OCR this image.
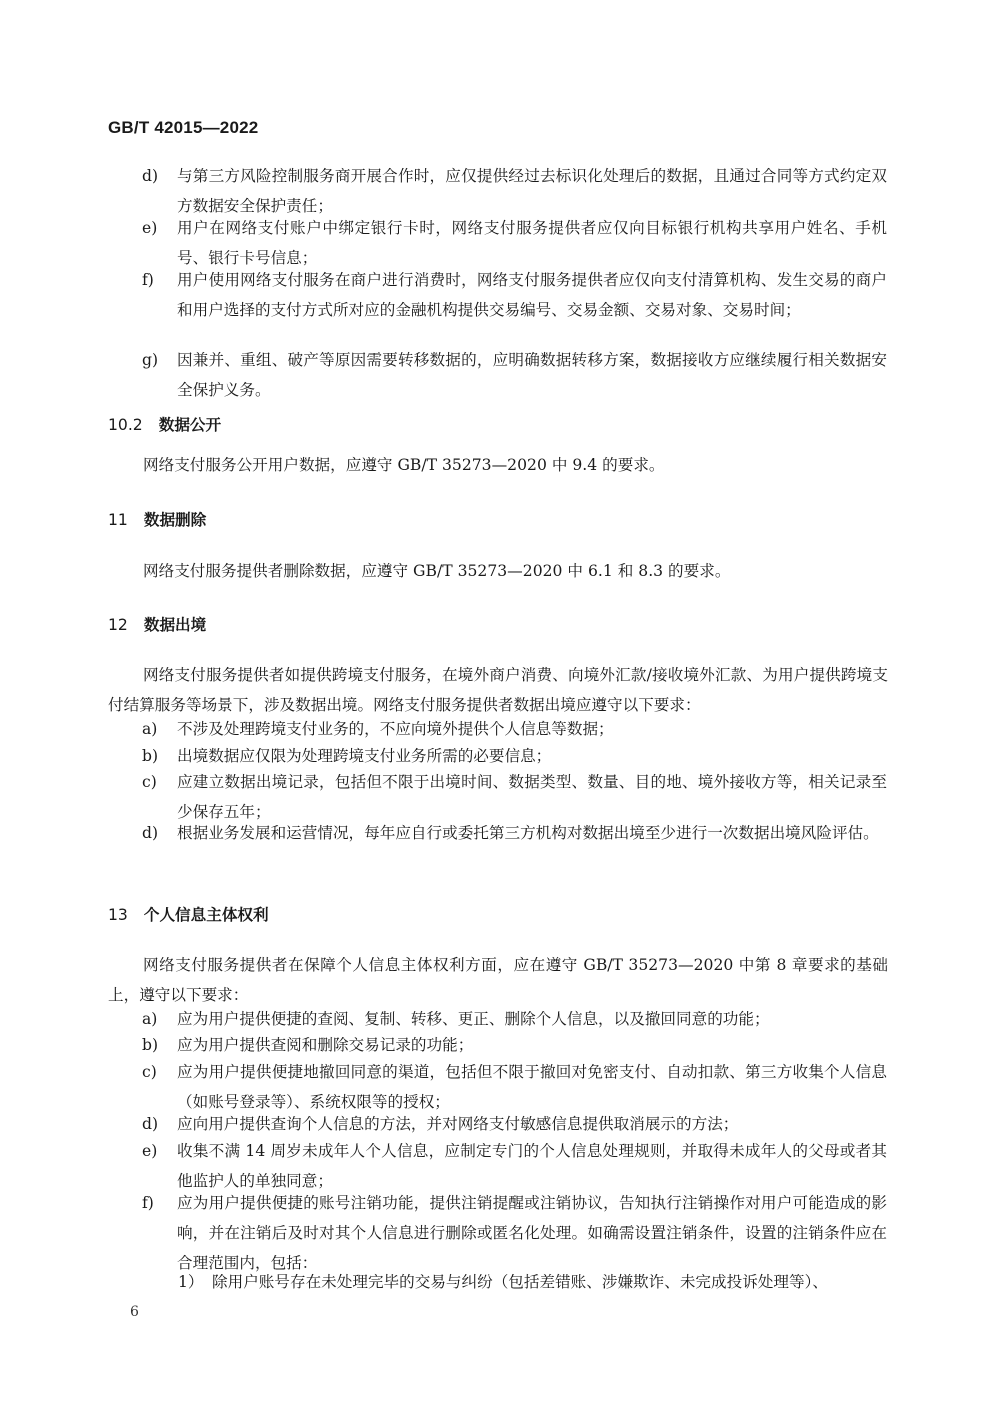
GB/T 42015—2022
d)	与第三方风险控制服务商开展合作时，应仅提供经过去标识化处理后的数据，且通过合同等方式约定双方数据安全保护责任；
e)	用户在网络支付账户中绑定银行卡时，网络支付服务提供者应仅向目标银行机构共享用户姓名、手机号、银行卡号信息；
f)	用户使用网络支付服务在商户进行消费时，网络支付服务提供者应仅向支付清算机构、发生交易的商户和用户选择的支付方式所对应的金融机构提供交易编号、交易金额、交易对象、交易时间；
g)	因兼并、重组、破产等原因需要转移数据的，应明确数据转移方案，数据接收方应继续履行相关数据安全保护义务。
10.2 数据公开
网络支付服务公开用户数据，应遵守 GB/T 35273—2020 中 9.4 的要求。
11 数据删除
网络支付服务提供者删除数据，应遵守 GB/T 35273—2020 中 6.1 和 8.3 的要求。
12 数据出境
网络支付服务提供者如提供跨境支付服务，在境外商户消费、向境外汇款/接收境外汇款、为用户提供跨境支付结算服务等场景下，涉及数据出境。网络支付服务提供者数据出境应遵守以下要求：
a)	不涉及处理跨境支付业务的，不应向境外提供个人信息等数据；
b)	出境数据应仅限为处理跨境支付业务所需的必要信息；
c)	应建立数据出境记录，包括但不限于出境时间、数据类型、数量、目的地、境外接收方等，相关记录至少保存五年；
d)	根据业务发展和运营情况，每年应自行或委托第三方机构对数据出境至少进行一次数据出境风险评估。
13 个人信息主体权利
网络支付服务提供者在保障个人信息主体权利方面，应在遵守 GB/T 35273—2020 中第 8 章要求的基础上，遵守以下要求：
a)	应为用户提供便捷的查阅、复制、转移、更正、删除个人信息，以及撤回同意的功能；
b)	应为用户提供查阅和删除交易记录的功能；
c)	应为用户提供便捷地撤回同意的渠道，包括但不限于撤回对免密支付、自动扣款、第三方收集个人信息（如账号登录等）、系统权限等的授权；
d)	应向用户提供查询个人信息的方法，并对网络支付敏感信息提供取消展示的方法；
e)	收集不满 14 周岁未成年人个人信息，应制定专门的个人信息处理规则，并取得未成年人的父母或者其他监护人的单独同意；
f)	应为用户提供便捷的账号注销功能，提供注销提醒或注销协议，告知执行注销操作对用户可能造成的影响，并在注销后及时对其个人信息进行删除或匿名化处理。如确需设置注销条件，设置的注销条件应在合理范围内，包括：
1） 除用户账号存在未处理完毕的交易与纠纷（包括差错账、涉嫌欺诈、未完成投诉处理等）、
6
